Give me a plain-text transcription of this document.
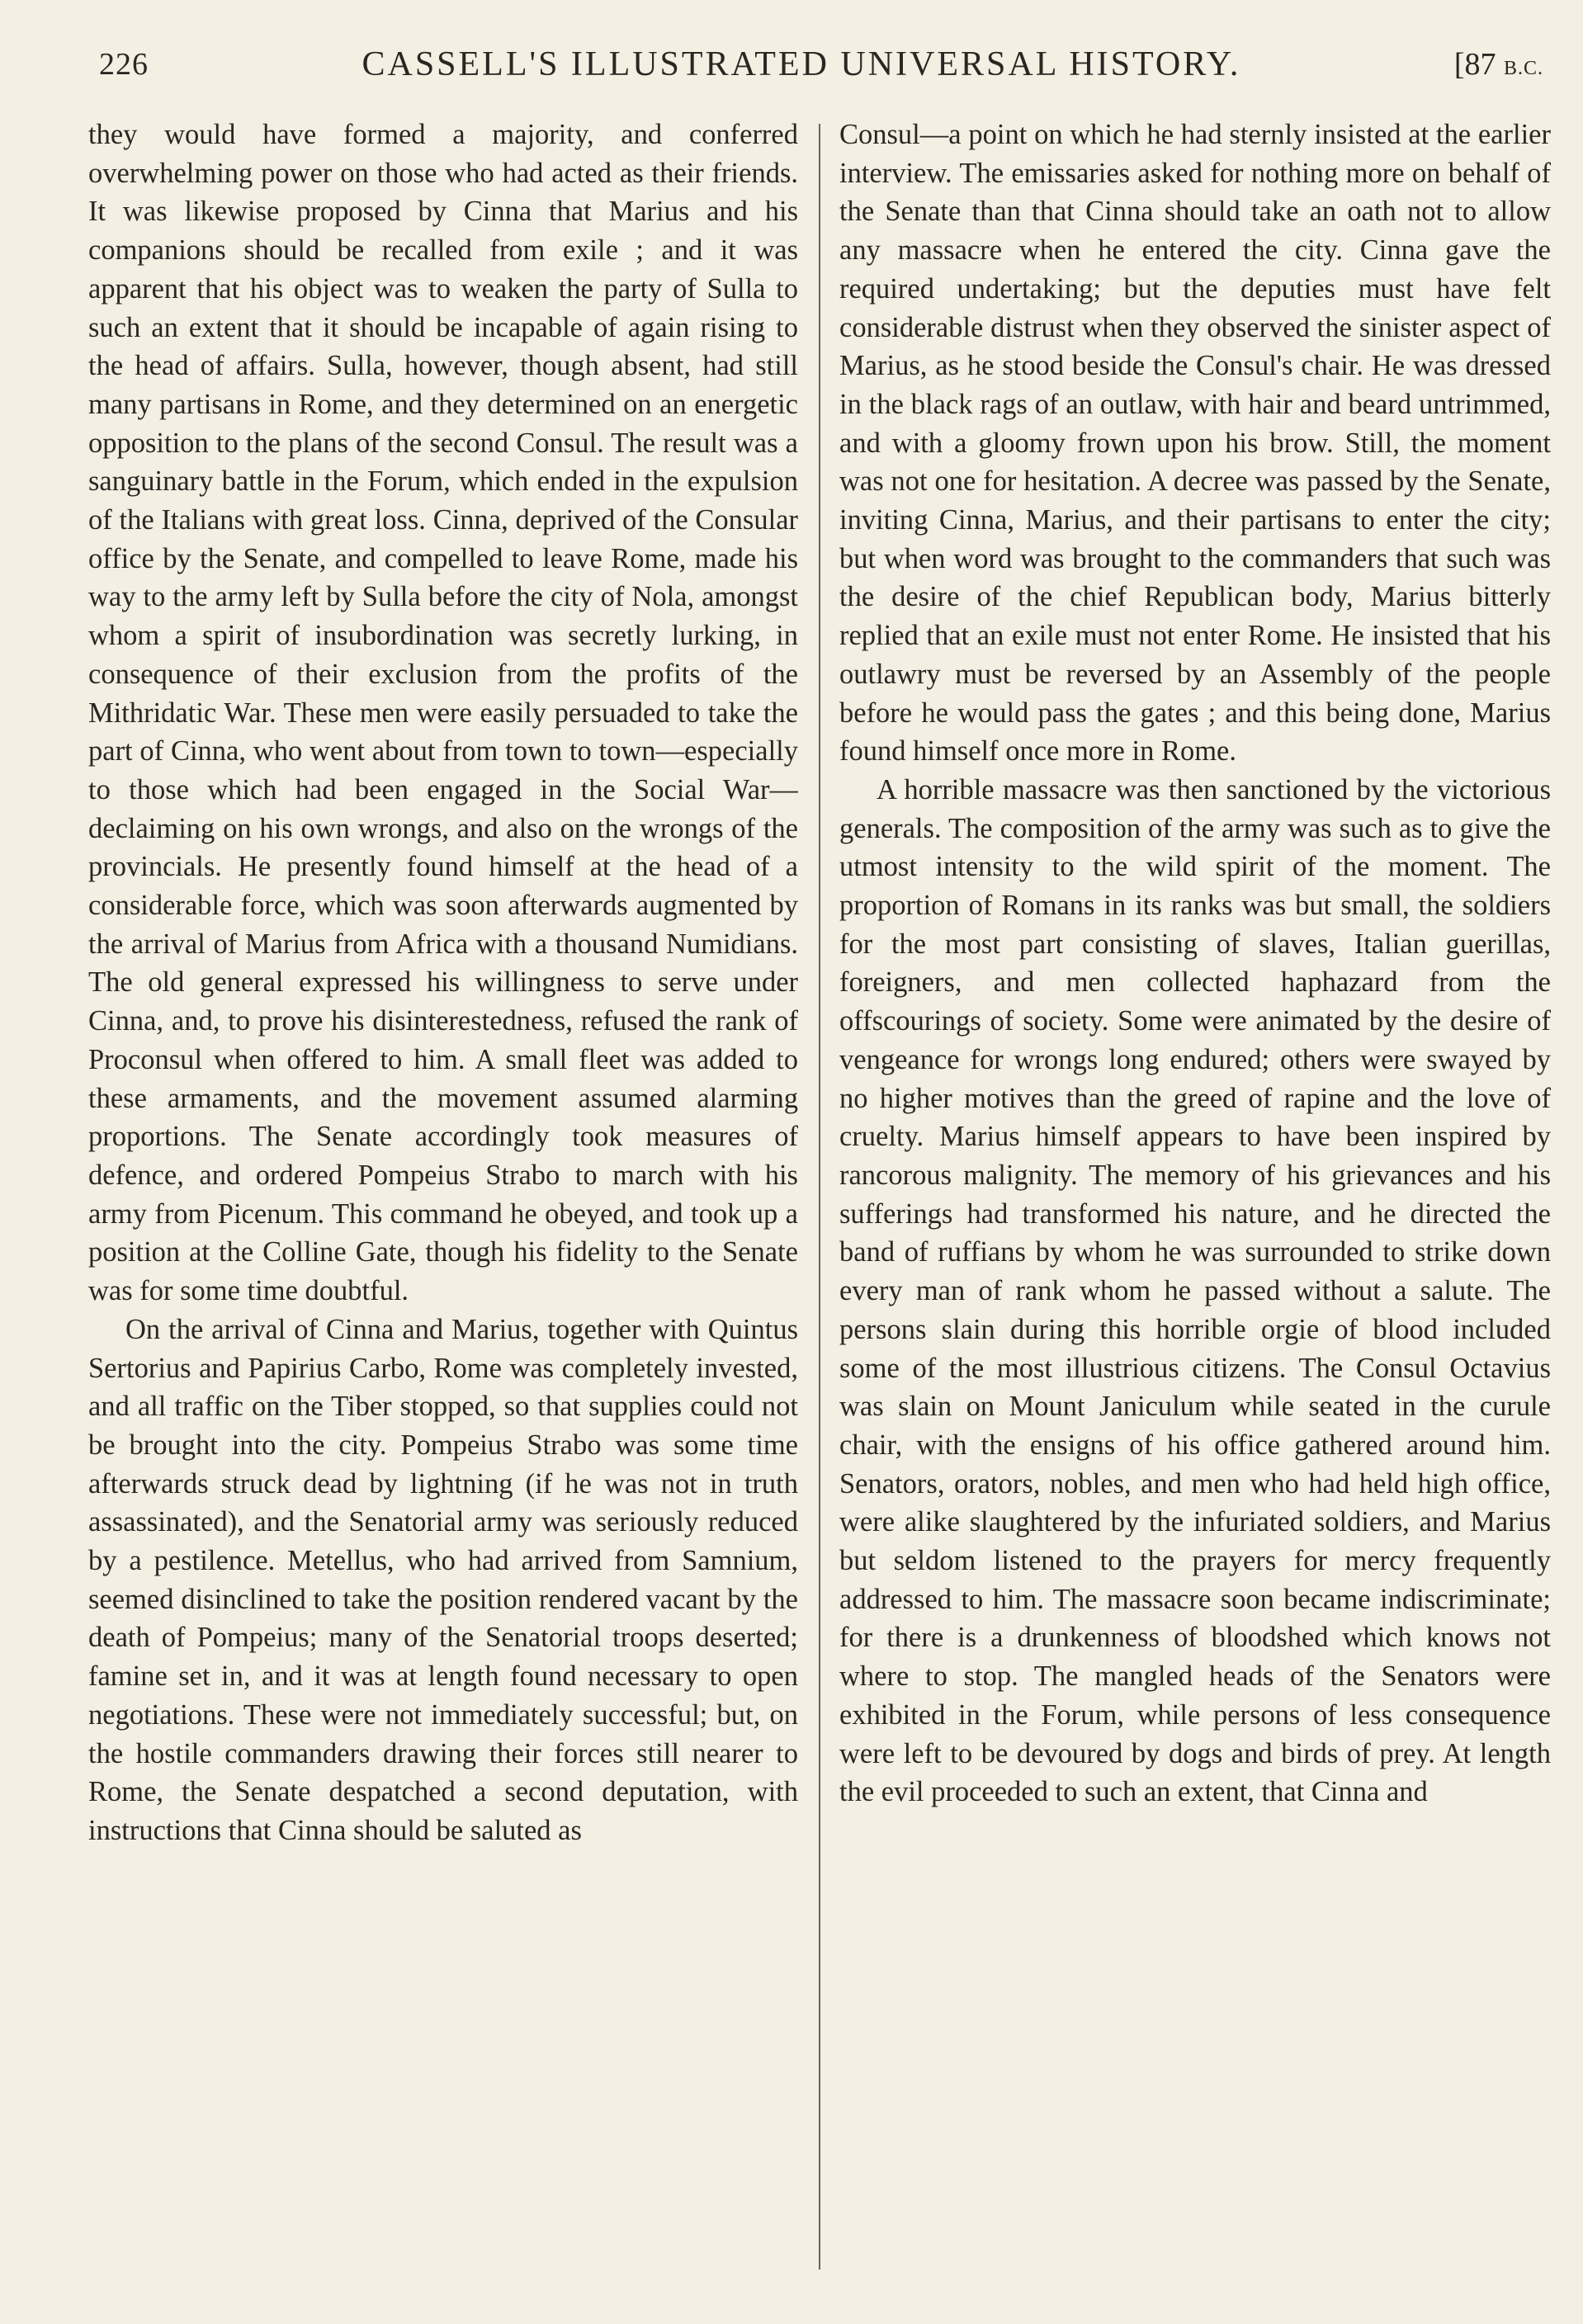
226	CASSELL'S ILLUSTRATED UNIVERSAL HISTORY.	[87 B.C.

they would have formed a majority, and conferred overwhelming power on those who had acted as their friends. It was likewise proposed by Cinna that Marius and his companions should be recalled from exile ; and it was apparent that his object was to weaken the party of Sulla to such an extent that it should be incapable of again rising to the head of affairs. Sulla, however, though absent, had still many partisans in Rome, and they determined on an energetic opposition to the plans of the second Consul. The result was a sanguinary battle in the Forum, which ended in the expulsion of the Italians with great loss. Cinna, deprived of the Consular office by the Senate, and compelled to leave Rome, made his way to the army left by Sulla before the city of Nola, amongst whom a spirit of insubordination was secretly lurking, in consequence of their exclusion from the profits of the Mithridatic War. These men were easily persuaded to take the part of Cinna, who went about from town to town—especially to those which had been engaged in the Social War—declaiming on his own wrongs, and also on the wrongs of the provincials. He presently found himself at the head of a considerable force, which was soon afterwards augmented by the arrival of Marius from Africa with a thousand Numidians. The old general expressed his willingness to serve under Cinna, and, to prove his disinterestedness, refused the rank of Proconsul when offered to him. A small fleet was added to these armaments, and the movement assumed alarming proportions. The Senate accordingly took measures of defence, and ordered Pompeius Strabo to march with his army from Picenum. This command he obeyed, and took up a position at the Colline Gate, though his fidelity to the Senate was for some time doubtful.

On the arrival of Cinna and Marius, together with Quintus Sertorius and Papirius Carbo, Rome was completely invested, and all traffic on the Tiber stopped, so that supplies could not be brought into the city. Pompeius Strabo was some time afterwards struck dead by lightning (if he was not in truth assassinated), and the Senatorial army was seriously reduced by a pestilence. Metellus, who had arrived from Samnium, seemed disinclined to take the position rendered vacant by the death of Pompeius; many of the Senatorial troops deserted; famine set in, and it was at length found necessary to open negotiations. These were not immediately successful; but, on the hostile commanders drawing their forces still nearer to Rome, the Senate despatched a second deputation, with instructions that Cinna should be saluted as

Consul—a point on which he had sternly insisted at the earlier interview. The emissaries asked for nothing more on behalf of the Senate than that Cinna should take an oath not to allow any massacre when he entered the city. Cinna gave the required undertaking; but the deputies must have felt considerable distrust when they observed the sinister aspect of Marius, as he stood beside the Consul's chair. He was dressed in the black rags of an outlaw, with hair and beard untrimmed, and with a gloomy frown upon his brow. Still, the moment was not one for hesitation. A decree was passed by the Senate, inviting Cinna, Marius, and their partisans to enter the city; but when word was brought to the commanders that such was the desire of the chief Republican body, Marius bitterly replied that an exile must not enter Rome. He insisted that his outlawry must be reversed by an Assembly of the people before he would pass the gates ; and this being done, Marius found himself once more in Rome.

A horrible massacre was then sanctioned by the victorious generals. The composition of the army was such as to give the utmost intensity to the wild spirit of the moment. The proportion of Romans in its ranks was but small, the soldiers for the most part consisting of slaves, Italian guerillas, foreigners, and men collected haphazard from the offscourings of society. Some were animated by the desire of vengeance for wrongs long endured; others were swayed by no higher motives than the greed of rapine and the love of cruelty. Marius himself appears to have been inspired by rancorous malignity. The memory of his grievances and his sufferings had transformed his nature, and he directed the band of ruffians by whom he was surrounded to strike down every man of rank whom he passed without a salute. The persons slain during this horrible orgie of blood included some of the most illustrious citizens. The Consul Octavius was slain on Mount Janiculum while seated in the curule chair, with the ensigns of his office gathered around him. Senators, orators, nobles, and men who had held high office, were alike slaughtered by the infuriated soldiers, and Marius but seldom listened to the prayers for mercy frequently addressed to him. The massacre soon became indiscriminate; for there is a drunkenness of bloodshed which knows not where to stop. The mangled heads of the Senators were exhibited in the Forum, while persons of less consequence were left to be devoured by dogs and birds of prey. At length the evil proceeded to such an extent, that Cinna and
